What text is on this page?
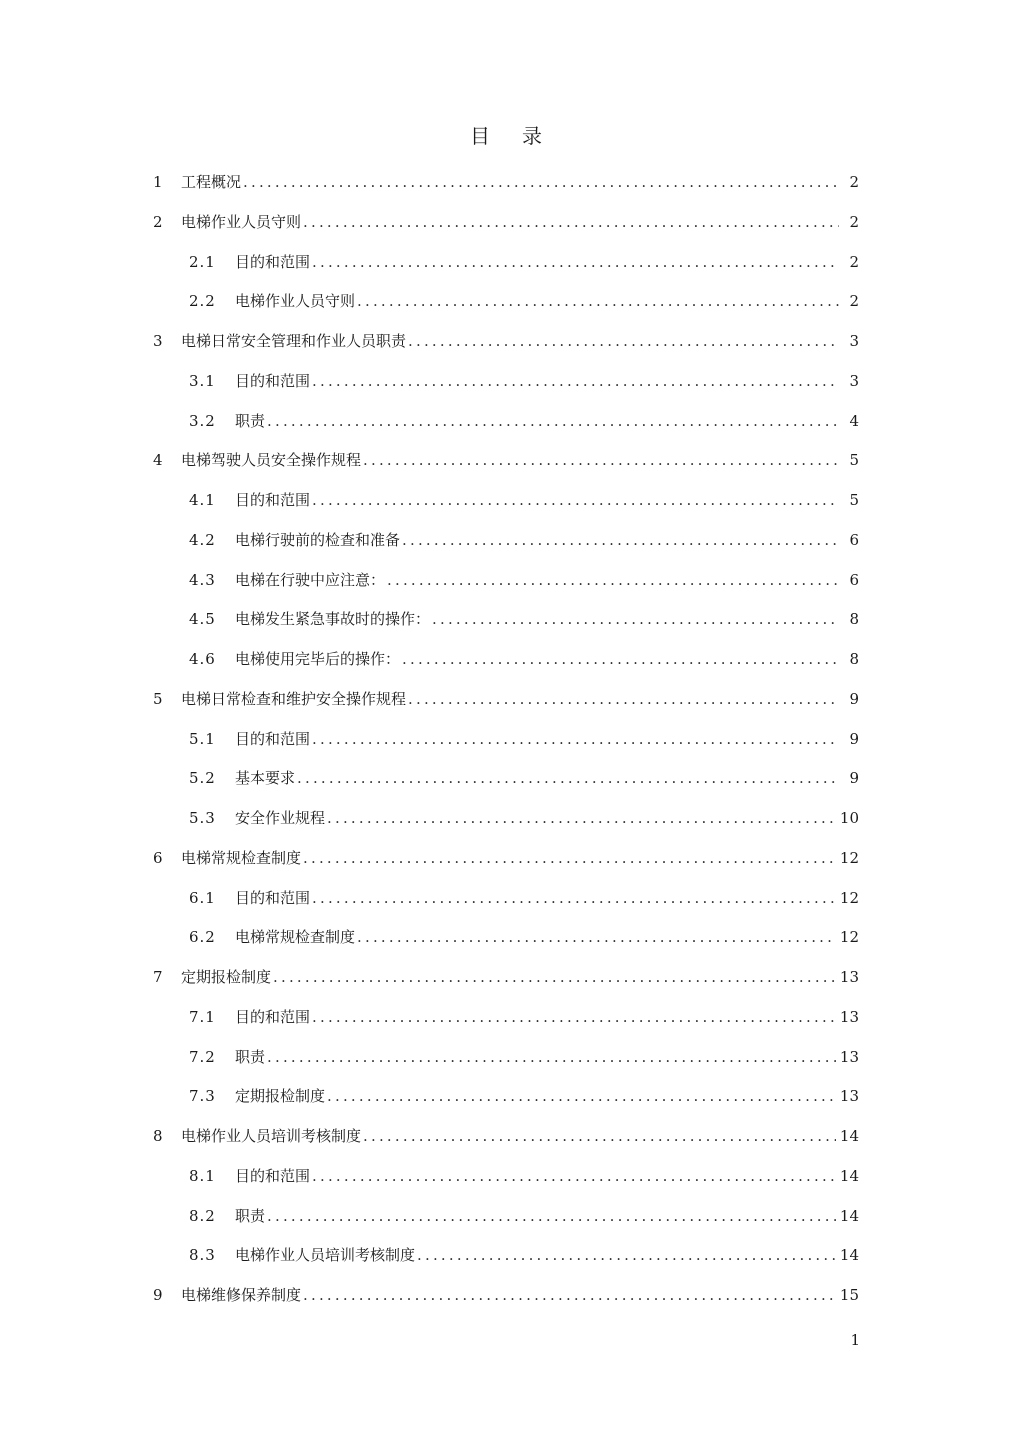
目录
1	工程概况 .....	2
2	电梯作业人员守则 .....	2
2.1	目的和范围 .....	2
2.2	电梯作业人员守则 .....	2
3	电梯日常安全管理和作业人员职责 .....	3
3.1	目的和范围 .....	3
3.2	职责 .....	4
4	电梯驾驶人员安全操作规程 .....	5
4.1	目的和范围 .....	5
4.2	电梯行驶前的检查和准备 .....	6
4.3	电梯在行驶中应注意： .....	6
4.5	电梯发生紧急事故时的操作： .....	8
4.6	电梯使用完毕后的操作： .....	8
5	电梯日常检查和维护安全操作规程 .....	9
5.1	目的和范围 .....	9
5.2	基本要求 .....	9
5.3	安全作业规程 .....	10
6	电梯常规检查制度 .....	12
6.1	目的和范围 .....	12
6.2	电梯常规检查制度 .....	12
7	定期报检制度 .....	13
7.1	目的和范围 .....	13
7.2	职责 .....	13
7.3	定期报检制度 .....	13
8	电梯作业人员培训考核制度 .....	14
8.1	目的和范围 .....	14
8.2	职责 .....	14
8.3	电梯作业人员培训考核制度 .....	14
9	电梯维修保养制度 .....	15
1
